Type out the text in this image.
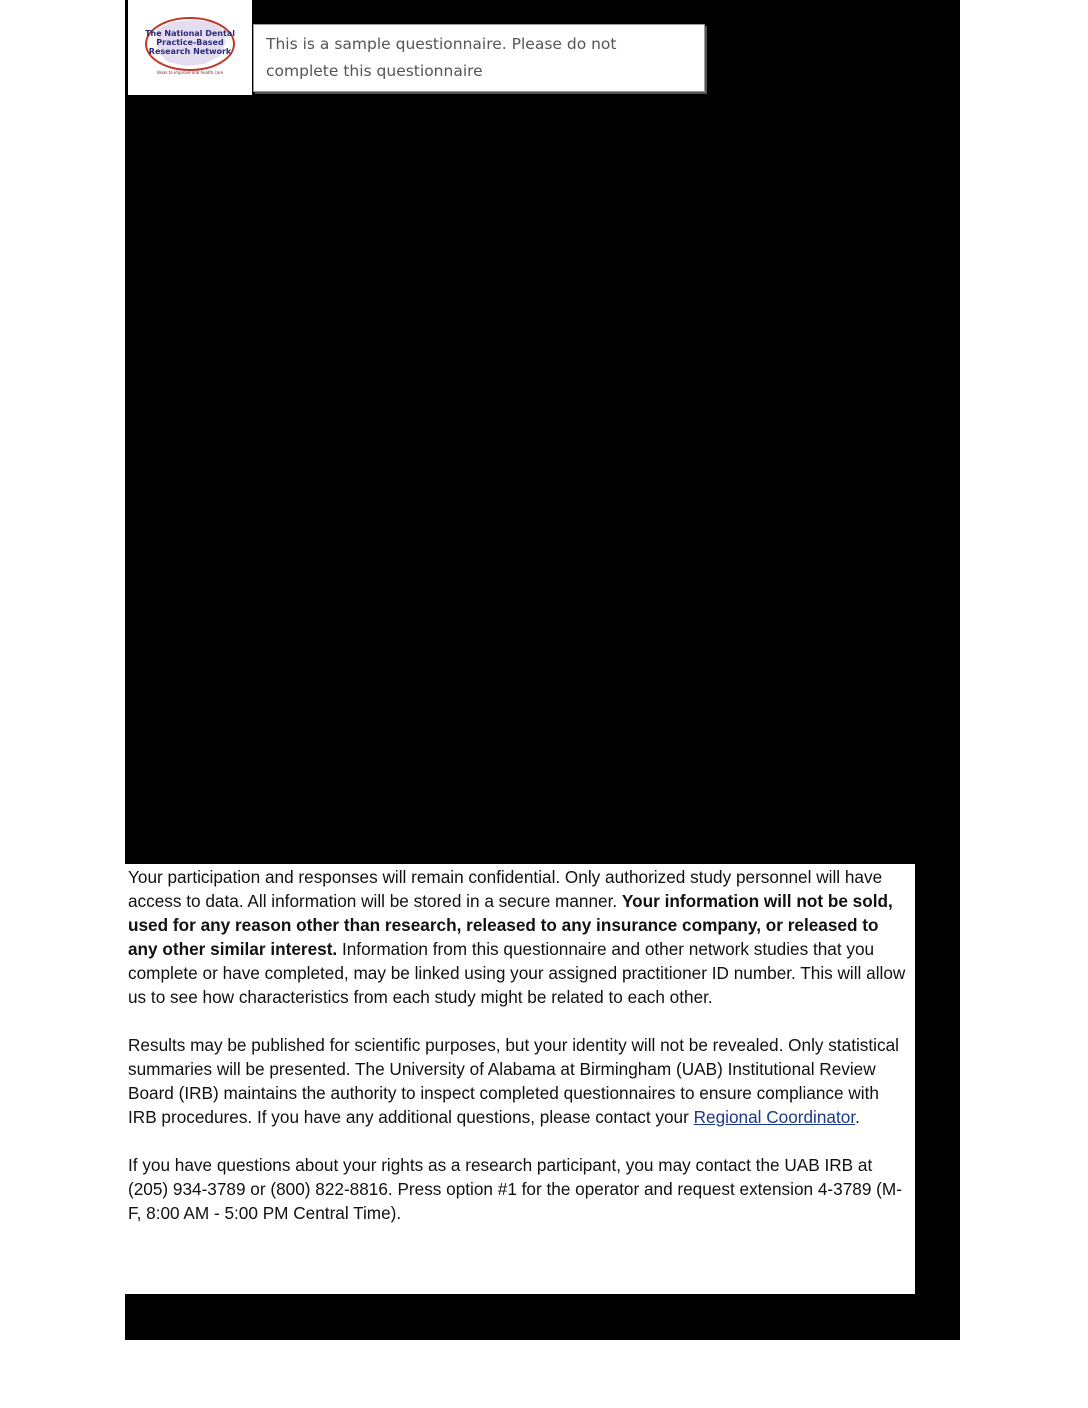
The National Dental
Practice-Based
Research Network
Ideas to improve oral health care
This is a sample questionnaire. Please do not
complete this questionnaire

Your participation and responses will remain confidential. Only authorized study personnel will have access to data. All information will be stored in a secure manner. Your information will not be sold, used for any reason other than research, released to any insurance company, or released to any other similar interest. Information from this questionnaire and other network studies that you complete or have completed, may be linked using your assigned practitioner ID number. This will allow us to see how characteristics from each study might be related to each other.

Results may be published for scientific purposes, but your identity will not be revealed. Only statistical summaries will be presented. The University of Alabama at Birmingham (UAB) Institutional Review Board (IRB) maintains the authority to inspect completed questionnaires to ensure compliance with IRB procedures. If you have any additional questions, please contact your Regional Coordinator.

If you have questions about your rights as a research participant, you may contact the UAB IRB at (205) 934-3789 or (800) 822-8816. Press option #1 for the operator and request extension 4-3789 (M-F, 8:00 AM - 5:00 PM Central Time).
